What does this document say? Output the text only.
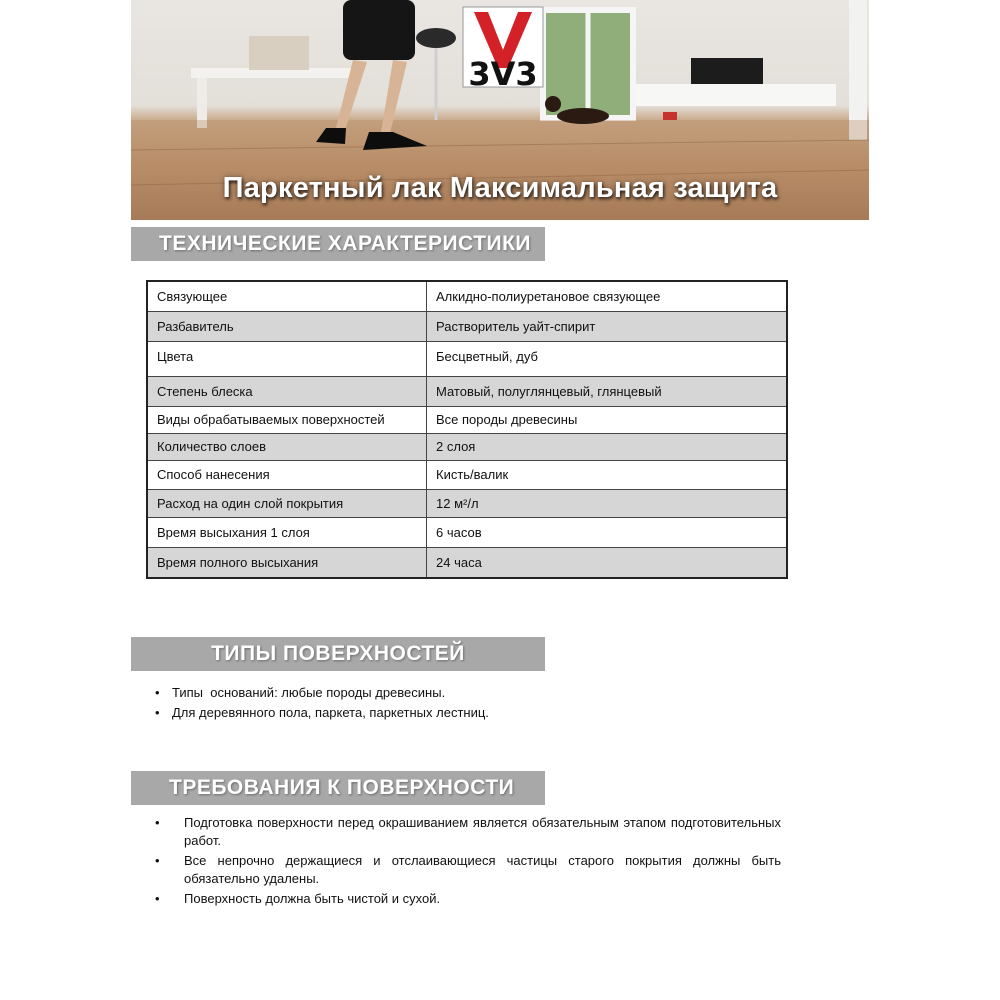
3V3
Паркетный лак Максимальная защита
ТЕХНИЧЕСКИЕ ХАРАКТЕРИСТИКИ
Связующее	Алкидно-полиуретановое связующее
Разбавитель	Растворитель уайт-спирит
Цвета	Бесцветный, дуб
Степень блеска	Матовый, полуглянцевый, глянцевый
Виды обрабатываемых поверхностей	Все породы древесины
Количество слоев	2 слоя
Способ нанесения	Кисть/валик
Расход на один слой покрытия	12 м²/л
Время высыхания 1 слоя	6 часов
Время полного высыхания	24 часа
ТИПЫ ПОВЕРХНОСТЕЙ
• Типы  оснований: любые породы древесины.
• Для деревянного пола, паркета, паркетных лестниц.
ТРЕБОВАНИЯ К ПОВЕРХНОСТИ
• Подготовка поверхности перед окрашиванием является обязательным этапом подготовительных работ.
• Все непрочно держащиеся и отслаивающиеся частицы старого покрытия должны быть обязательно удалены.
• Поверхность должна быть чистой и сухой.
